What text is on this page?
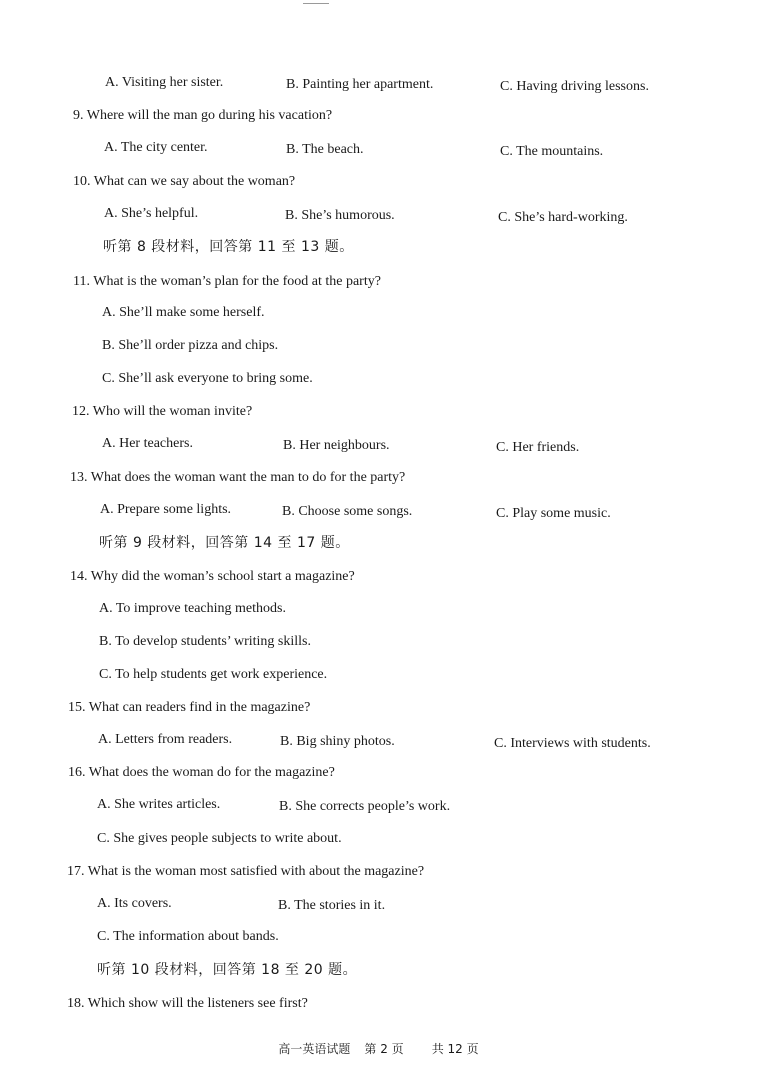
A. Visiting her sister.	B. Painting her apartment.	C. Having driving lessons.
9. Where will the man go during his vacation?
A. The city center.	B. The beach.	C. The mountains.
10. What can we say about the woman?
A. She’s helpful.	B. She’s humorous.	C. She’s hard-working.
听第 8 段材料，回答第 11 至 13 题。
11. What is the woman’s plan for the food at the party?
A. She’ll make some herself.
B. She’ll order pizza and chips.
C. She’ll ask everyone to bring some.
12. Who will the woman invite?
A. Her teachers.	B. Her neighbours.	C. Her friends.
13. What does the woman want the man to do for the party?
A. Prepare some lights.	B. Choose some songs.	C. Play some music.
听第 9 段材料，回答第 14 至 17 题。
14. Why did the woman’s school start a magazine?
A. To improve teaching methods.
B. To develop students’ writing skills.
C. To help students get work experience.
15. What can readers find in the magazine?
A. Letters from readers.	B. Big shiny photos.	C. Interviews with students.
16. What does the woman do for the magazine?
A. She writes articles.	B. She corrects people’s work.
C. She gives people subjects to write about.
17. What is the woman most satisfied with about the magazine?
A. Its covers.	B. The stories in it.
C. The information about bands.
听第 10 段材料，回答第 18 至 20 题。
18. Which show will the listeners see first?
高一英语试题 第 2 页 共 12 页
